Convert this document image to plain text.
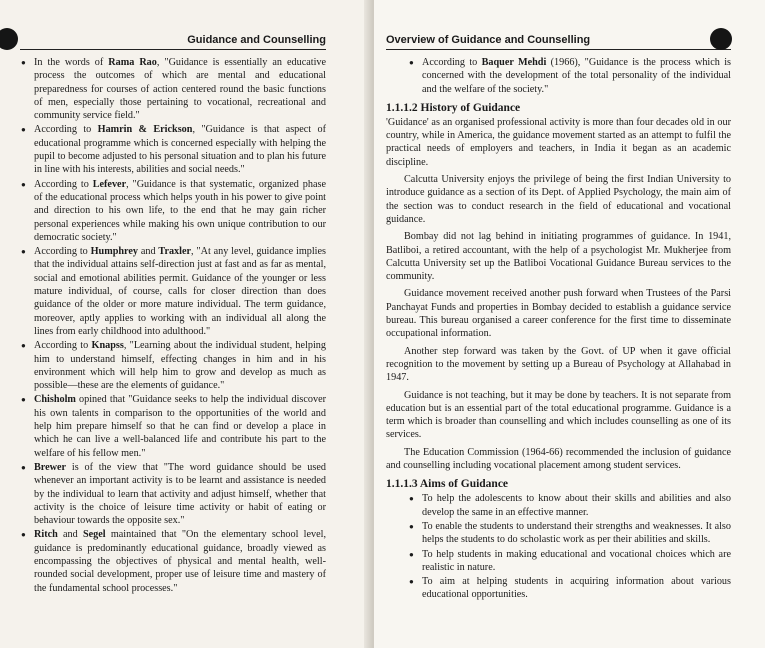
Guidance and Counselling
● In the words of Rama Rao, "Guidance is essentially an educative process the outcomes of which are mental and educational preparedness for courses of action centered round the basic functions of men, especially those pertaining to vocational, recreational and community service field."
● According to Hamrin & Erickson, "Guidance is that aspect of educational programme which is concerned especially with helping the pupil to become adjusted to his personal situation and to plan his future in line with his interests, abilities and social needs."
● According to Lefever, "Guidance is that systematic, organized phase of the educational process which helps youth in his power to give point and direction to his own life, to the end that he may gain richer personal experiences while making his own unique contribution to our democratic society."
● According to Humphrey and Traxler, "At any level, guidance implies that the individual attains self-direction just at fast and as far as mental, social and emotional abilities permit. Guidance of the younger or less mature individual, of course, calls for closer direction than does guidance of the older or more mature individual. The term guidance, moreover, aptly applies to working with an individual all along the lines from early childhood into adulthood."
● According to Knapss, "Learning about the individual student, helping him to understand himself, effecting changes in him and in his environment which will help him to grow and develop as much as possible—these are the elements of guidance."
● Chisholm opined that "Guidance seeks to help the individual discover his own talents in comparison to the opportunities of the world and help him prepare himself so that he can find or develop a place in which he can live a well-balanced life and contribute his part to the welfare of his fellow men."
● Brewer is of the view that "The word guidance should be used whenever an important activity is to be learnt and assistance is needed by the individual to learn that activity and adjust himself, whether that activity is the choice of leisure time activity or habit of eating or behaviour towards the opposite sex."
● Ritch and Segel maintained that "On the elementary school level, guidance is predominantly educational guidance, broadly viewed as encompassing the objectives of physical and mental health, well-rounded social development, proper use of leisure time and mastery of the fundamental school processes."
Overview of Guidance and Counselling
● According to Baquer Mehdi (1966), "Guidance is the process which is concerned with the development of the total personality of the individual and the welfare of the society."
1.1.1.2 History of Guidance

'Guidance' as an organised professional activity is more than four decades old in our country, while in America, the guidance movement started as an attempt to fulfil the practical needs of employers and teachers, in India it began as an academic discipline.

Calcutta University enjoys the privilege of being the first Indian University to introduce guidance as a section of its Dept. of Applied Psychology, the main aim of the section was to conduct research in the field of educational and vocational guidance.

Bombay did not lag behind in initiating programmes of guidance. In 1941, Batliboi, a retired accountant, with the help of a psychologist Mr. Mukherjee from Calcutta University set up the Batliboi Vocational Guidance Bureau services to the community.

Guidance movement received another push forward when Trustees of the Parsi Panchayat Funds and properties in Bombay decided to establish a guidance service bureau. This bureau organised a career conference for the first time to disseminate occupational information.

Another step forward was taken by the Govt. of UP when it gave official recognition to the movement by setting up a Bureau of Psychology at Allahabad in 1947.

Guidance is not teaching, but it may be done by teachers. It is not separate from education but is an essential part of the total educational programme. Guidance is a term which is broader than counselling and which includes counselling as one of its services.

The Education Commission (1964-66) recommended the inclusion of guidance and counselling including vocational placement among student services.

1.1.1.3 Aims of Guidance
● To help the adolescents to know about their skills and abilities and also develop the same in an effective manner.
● To enable the students to understand their strengths and weaknesses. It also helps the students to do scholastic work as per their abilities and skills.
● To help students in making educational and vocational choices which are realistic in nature.
● To aim at helping students in acquiring information about various educational opportunities.
